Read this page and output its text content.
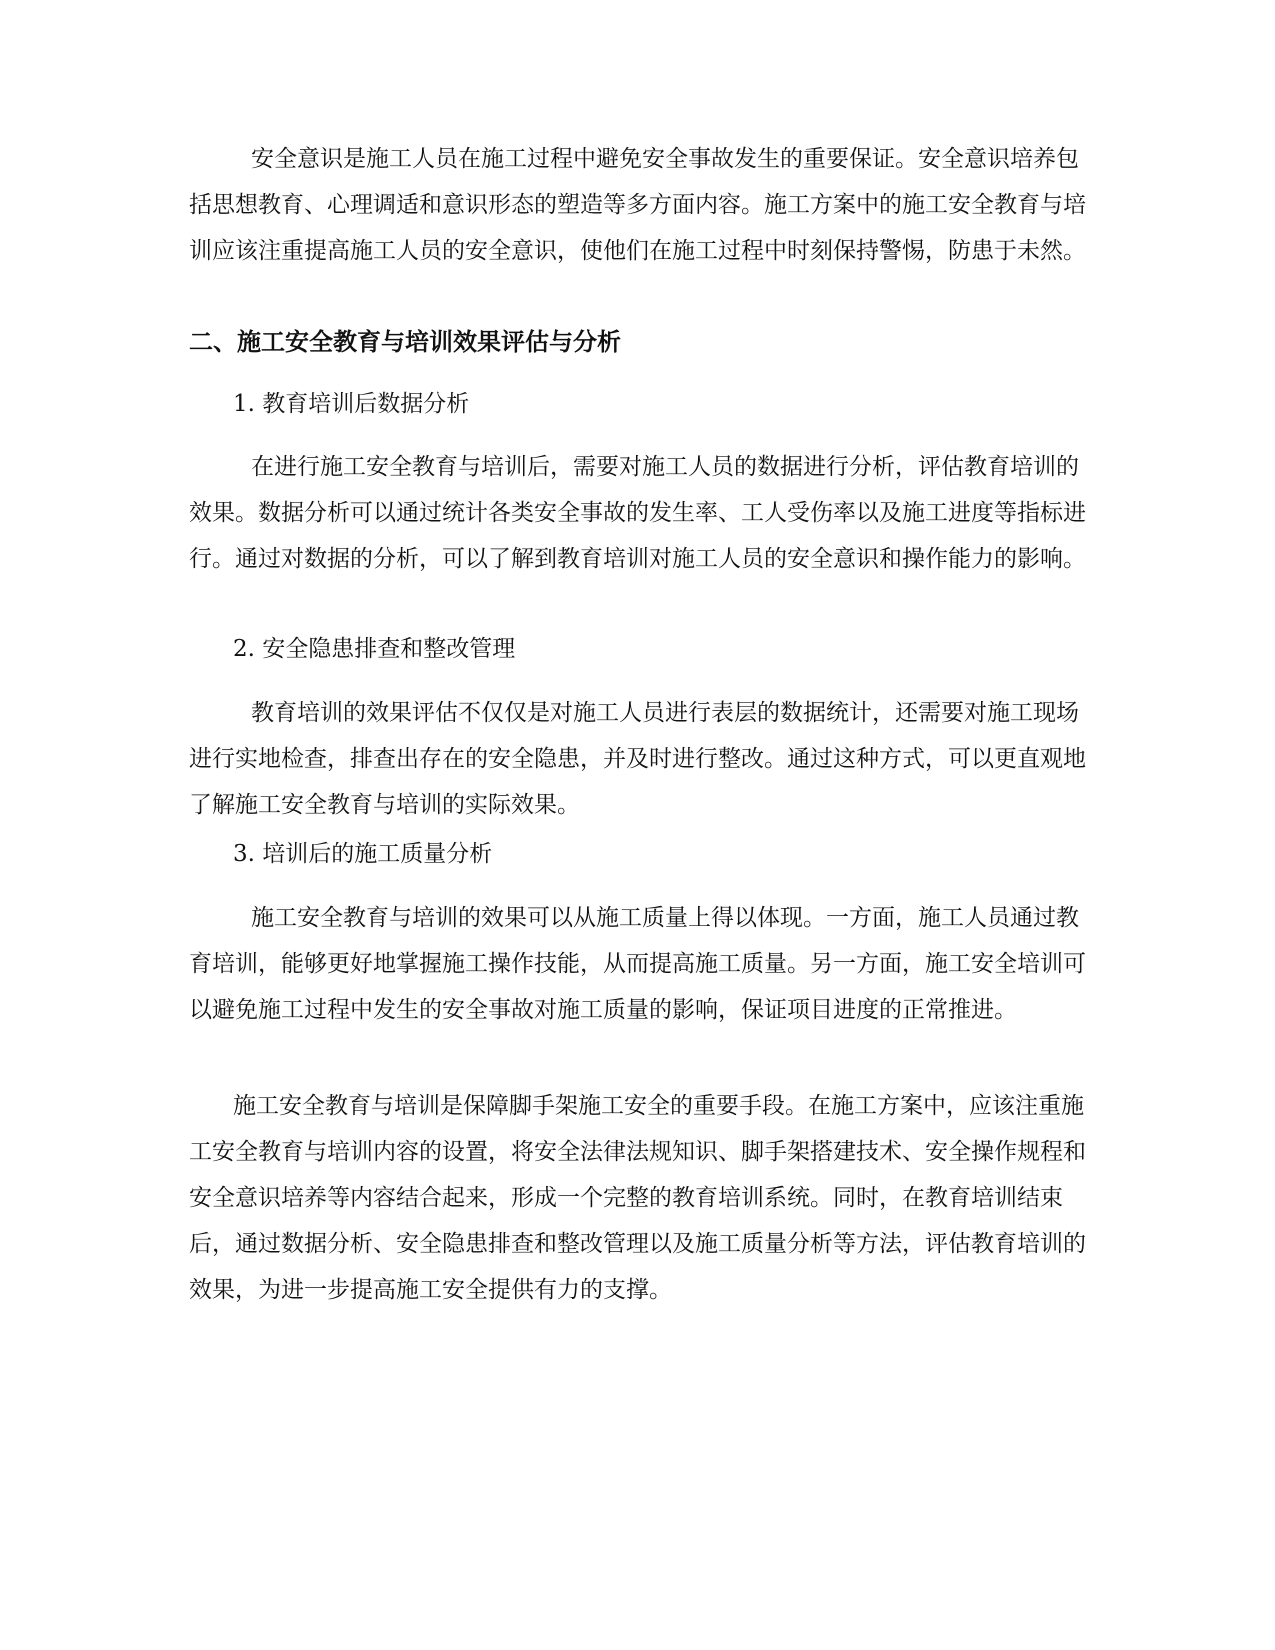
安全意识是施工人员在施工过程中避免安全事故发生的重要保证。安全意识培养包括思想教育、心理调适和意识形态的塑造等多方面内容。施工方案中的施工安全教育与培训应该注重提高施工人员的安全意识，使他们在施工过程中时刻保持警惕，防患于未然。

二、施工安全教育与培训效果评估与分析
1. 教育培训后数据分析

在进行施工安全教育与培训后，需要对施工人员的数据进行分析，评估教育培训的效果。数据分析可以通过统计各类安全事故的发生率、工人受伤率以及施工进度等指标进行。通过对数据的分析，可以了解到教育培训对施工人员的安全意识和操作能力的影响。

2. 安全隐患排查和整改管理

教育培训的效果评估不仅仅是对施工人员进行表层的数据统计，还需要对施工现场进行实地检查，排查出存在的安全隐患，并及时进行整改。通过这种方式，可以更直观地了解施工安全教育与培训的实际效果。

3. 培训后的施工质量分析

施工安全教育与培训的效果可以从施工质量上得以体现。一方面，施工人员通过教育培训，能够更好地掌握施工操作技能，从而提高施工质量。另一方面，施工安全培训可以避免施工过程中发生的安全事故对施工质量的影响，保证项目进度的正常推进。

施工安全教育与培训是保障脚手架施工安全的重要手段。在施工方案中，应该注重施工安全教育与培训内容的设置，将安全法律法规知识、脚手架搭建技术、安全操作规程和安全意识培养等内容结合起来，形成一个完整的教育培训系统。同时，在教育培训结束后，通过数据分析、安全隐患排查和整改管理以及施工质量分析等方法，评估教育培训的效果，为进一步提高施工安全提供有力的支撑。
